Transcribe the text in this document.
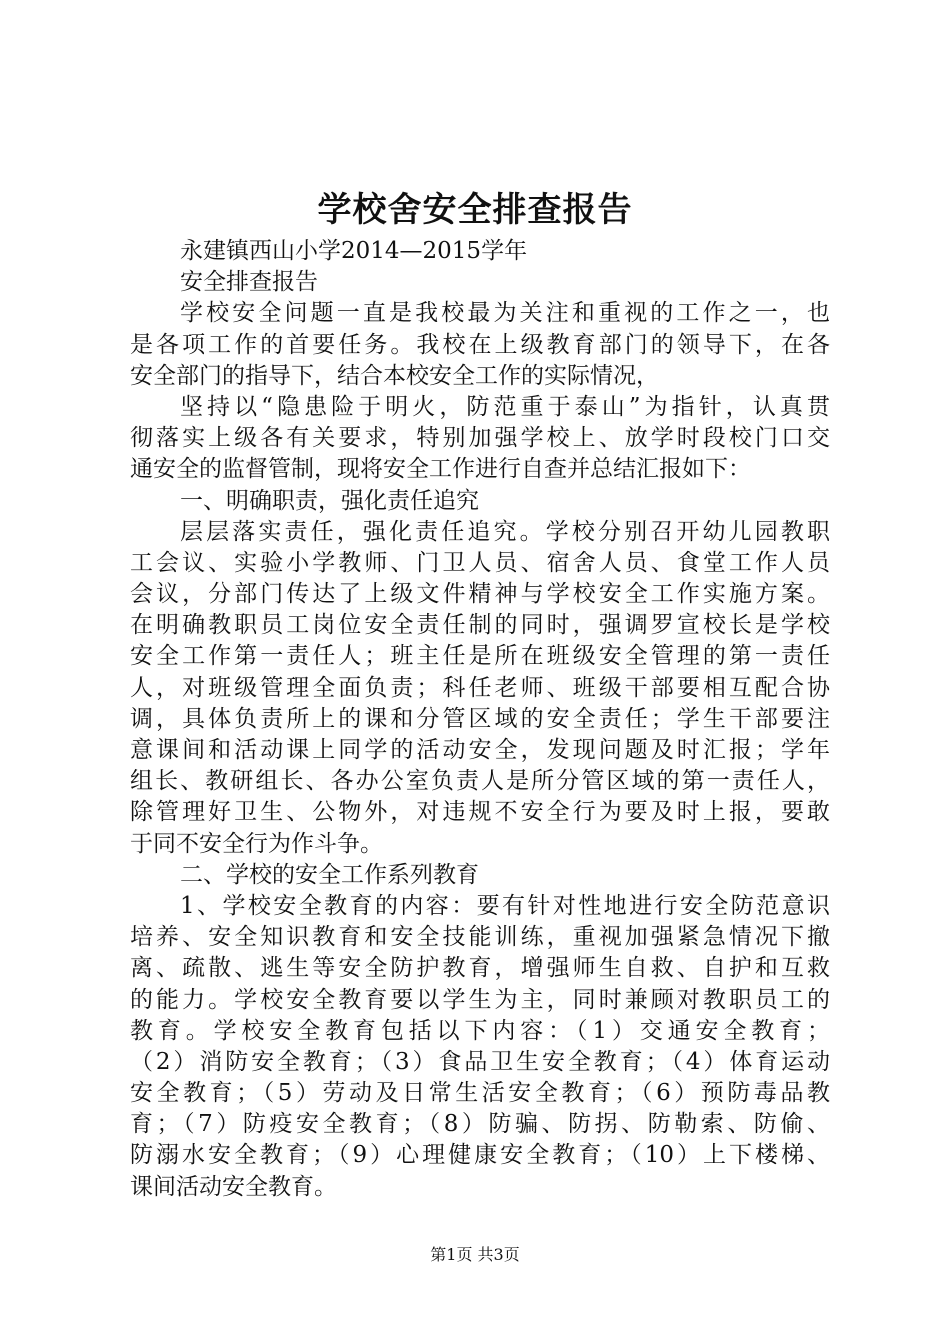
学校舍安全排查报告
永建镇西山小学2014—2015学年
安全排查报告
学校安全问题一直是我校最为关注和重视的工作之一，也
是各项工作的首要任务。我校在上级教育部门的领导下，在各
安全部门的指导下，结合本校安全工作的实际情况，
坚持以“隐患险于明火，防范重于泰山”为指针，认真贯
彻落实上级各有关要求，特别加强学校上、放学时段校门口交
通安全的监督管制，现将安全工作进行自查并总结汇报如下：
一、明确职责，强化责任追究
层层落实责任，强化责任追究。学校分别召开幼儿园教职
工会议、实验小学教师、门卫人员、宿舍人员、食堂工作人员
会议，分部门传达了上级文件精神与学校安全工作实施方案。
在明确教职员工岗位安全责任制的同时，强调罗宣校长是学校
安全工作第一责任人；班主任是所在班级安全管理的第一责任
人，对班级管理全面负责；科任老师、班级干部要相互配合协
调，具体负责所上的课和分管区域的安全责任；学生干部要注
意课间和活动课上同学的活动安全，发现问题及时汇报；学年
组长、教研组长、各办公室负责人是所分管区域的第一责任人，
除管理好卫生、公物外，对违规不安全行为要及时上报，要敢
于同不安全行为作斗争。
二、学校的安全工作系列教育
1、学校安全教育的内容：要有针对性地进行安全防范意识
培养、安全知识教育和安全技能训练，重视加强紧急情况下撤
离、疏散、逃生等安全防护教育，增强师生自救、自护和互救
的能力。学校安全教育要以学生为主，同时兼顾对教职员工的
教育。学校安全教育包括以下内容：（1）交通安全教育；
（2）消防安全教育；（3）食品卫生安全教育；（4）体育运动
安全教育；（5）劳动及日常生活安全教育；（6）预防毒品教
育；（7）防疫安全教育；（8）防骗、防拐、防勒索、防偷、
防溺水安全教育；（9）心理健康安全教育；（10）上下楼梯、
课间活动安全教育。
第1页 共3页
